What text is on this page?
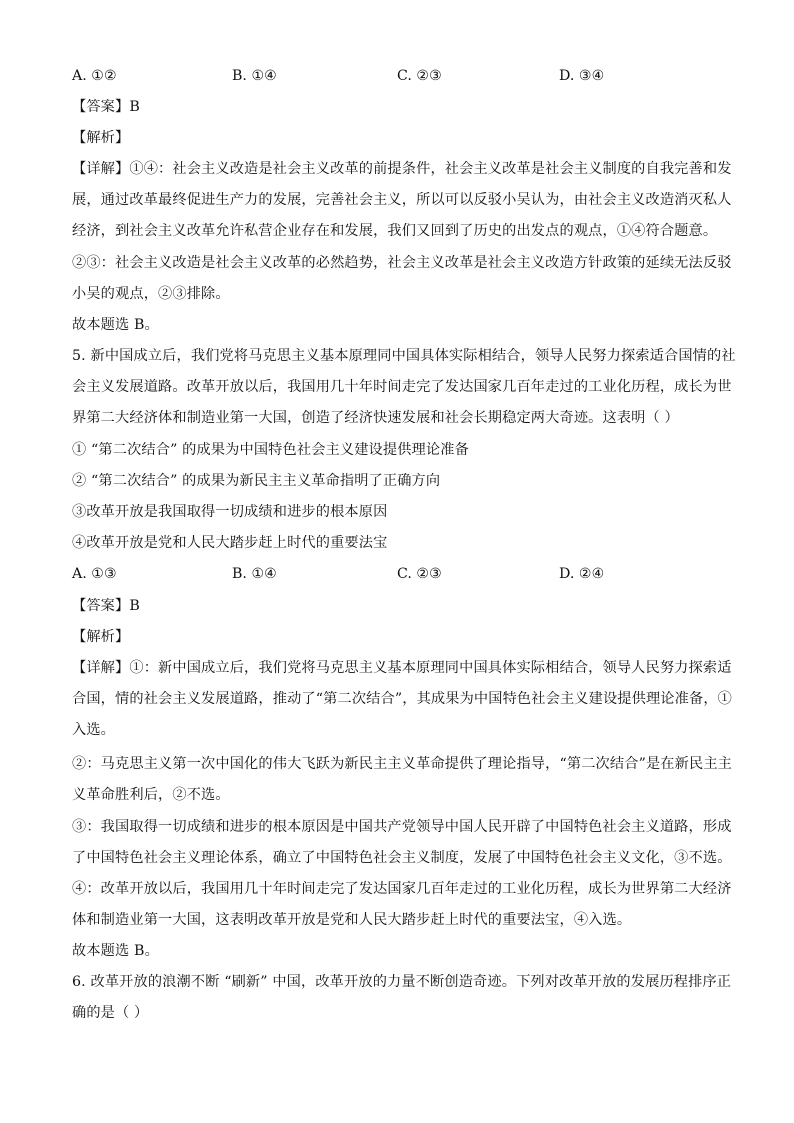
A. ①②	B. ①④	C. ②③	D. ③④
【答案】B
【解析】
【详解】①④：社会主义改造是社会主义改革的前提条件，社会主义改革是社会主义制度的自我完善和发
展，通过改革最终促进生产力的发展，完善社会主义，所以可以反驳小吴认为，由社会主义改造消灭私人
经济，到社会主义改革允许私营企业存在和发展，我们又回到了历史的出发点的观点，①④符合题意。
②③：社会主义改造是社会主义改革的必然趋势，社会主义改革是社会主义改造方针政策的延续无法反驳
小吴的观点，②③排除。
故本题选 B。
5. 新中国成立后，我们党将马克思主义基本原理同中国具体实际相结合，领导人民努力探索适合国情的社
会主义发展道路。改革开放以后，我国用几十年时间走完了发达国家几百年走过的工业化历程，成长为世
界第二大经济体和制造业第一大国，创造了经济快速发展和社会长期稳定两大奇迹。这表明（ ）
① “第二次结合” 的成果为中国特色社会主义建设提供理论准备
② “第二次结合” 的成果为新民主主义革命指明了正确方向
③改革开放是我国取得一切成绩和进步的根本原因
④改革开放是党和人民大踏步赶上时代的重要法宝
A. ①③	B. ①④	C. ②③	D. ②④
【答案】B
【解析】
【详解】①：新中国成立后，我们党将马克思主义基本原理同中国具体实际相结合，领导人民努力探索适
合国，情的社会主义发展道路，推动了“第二次结合”，其成果为中国特色社会主义建设提供理论准备，①
入选。
②：马克思主义第一次中国化的伟大飞跃为新民主主义革命提供了理论指导，“第二次结合”是在新民主主
义革命胜利后，②不选。
③：我国取得一切成绩和进步的根本原因是中国共产党领导中国人民开辟了中国特色社会主义道路，形成
了中国特色社会主义理论体系，确立了中国特色社会主义制度，发展了中国特色社会主义文化，③不选。
④：改革开放以后，我国用几十年时间走完了发达国家几百年走过的工业化历程，成长为世界第二大经济
体和制造业第一大国，这表明改革开放是党和人民大踏步赶上时代的重要法宝，④入选。
故本题选 B。
6. 改革开放的浪潮不断 “刷新” 中国，改革开放的力量不断创造奇迹。下列对改革开放的发展历程排序正
确的是（ ）
